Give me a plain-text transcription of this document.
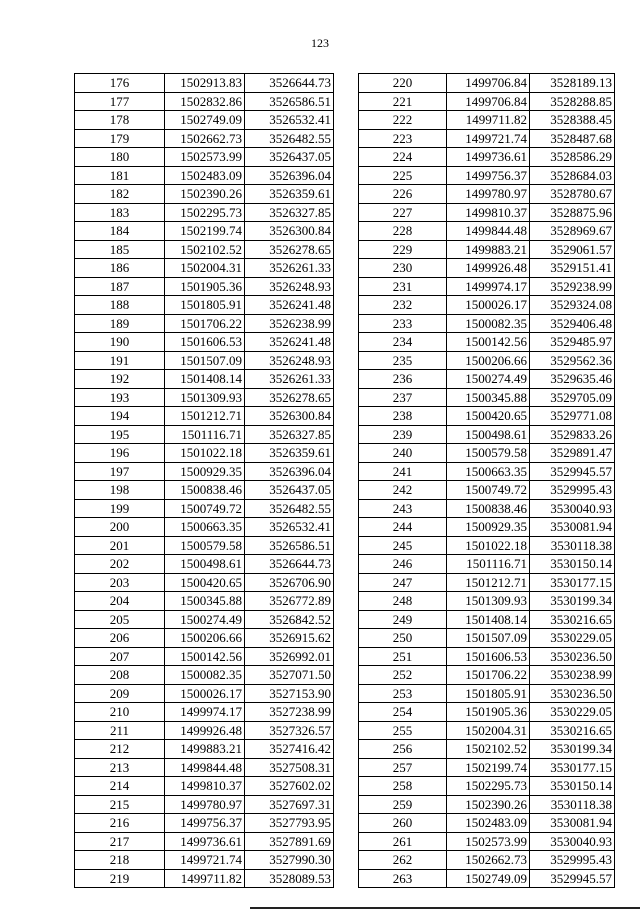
123
176	1502913.83	3526644.73
177	1502832.86	3526586.51
178	1502749.09	3526532.41
179	1502662.73	3526482.55
180	1502573.99	3526437.05
181	1502483.09	3526396.04
182	1502390.26	3526359.61
183	1502295.73	3526327.85
184	1502199.74	3526300.84
185	1502102.52	3526278.65
186	1502004.31	3526261.33
187	1501905.36	3526248.93
188	1501805.91	3526241.48
189	1501706.22	3526238.99
190	1501606.53	3526241.48
191	1501507.09	3526248.93
192	1501408.14	3526261.33
193	1501309.93	3526278.65
194	1501212.71	3526300.84
195	1501116.71	3526327.85
196	1501022.18	3526359.61
197	1500929.35	3526396.04
198	1500838.46	3526437.05
199	1500749.72	3526482.55
200	1500663.35	3526532.41
201	1500579.58	3526586.51
202	1500498.61	3526644.73
203	1500420.65	3526706.90
204	1500345.88	3526772.89
205	1500274.49	3526842.52
206	1500206.66	3526915.62
207	1500142.56	3526992.01
208	1500082.35	3527071.50
209	1500026.17	3527153.90
210	1499974.17	3527238.99
211	1499926.48	3527326.57
212	1499883.21	3527416.42
213	1499844.48	3527508.31
214	1499810.37	3527602.02
215	1499780.97	3527697.31
216	1499756.37	3527793.95
217	1499736.61	3527891.69
218	1499721.74	3527990.30
219	1499711.82	3528089.53
220	1499706.84	3528189.13
221	1499706.84	3528288.85
222	1499711.82	3528388.45
223	1499721.74	3528487.68
224	1499736.61	3528586.29
225	1499756.37	3528684.03
226	1499780.97	3528780.67
227	1499810.37	3528875.96
228	1499844.48	3528969.67
229	1499883.21	3529061.57
230	1499926.48	3529151.41
231	1499974.17	3529238.99
232	1500026.17	3529324.08
233	1500082.35	3529406.48
234	1500142.56	3529485.97
235	1500206.66	3529562.36
236	1500274.49	3529635.46
237	1500345.88	3529705.09
238	1500420.65	3529771.08
239	1500498.61	3529833.26
240	1500579.58	3529891.47
241	1500663.35	3529945.57
242	1500749.72	3529995.43
243	1500838.46	3530040.93
244	1500929.35	3530081.94
245	1501022.18	3530118.38
246	1501116.71	3530150.14
247	1501212.71	3530177.15
248	1501309.93	3530199.34
249	1501408.14	3530216.65
250	1501507.09	3530229.05
251	1501606.53	3530236.50
252	1501706.22	3530238.99
253	1501805.91	3530236.50
254	1501905.36	3530229.05
255	1502004.31	3530216.65
256	1502102.52	3530199.34
257	1502199.74	3530177.15
258	1502295.73	3530150.14
259	1502390.26	3530118.38
260	1502483.09	3530081.94
261	1502573.99	3530040.93
262	1502662.73	3529995.43
263	1502749.09	3529945.57
